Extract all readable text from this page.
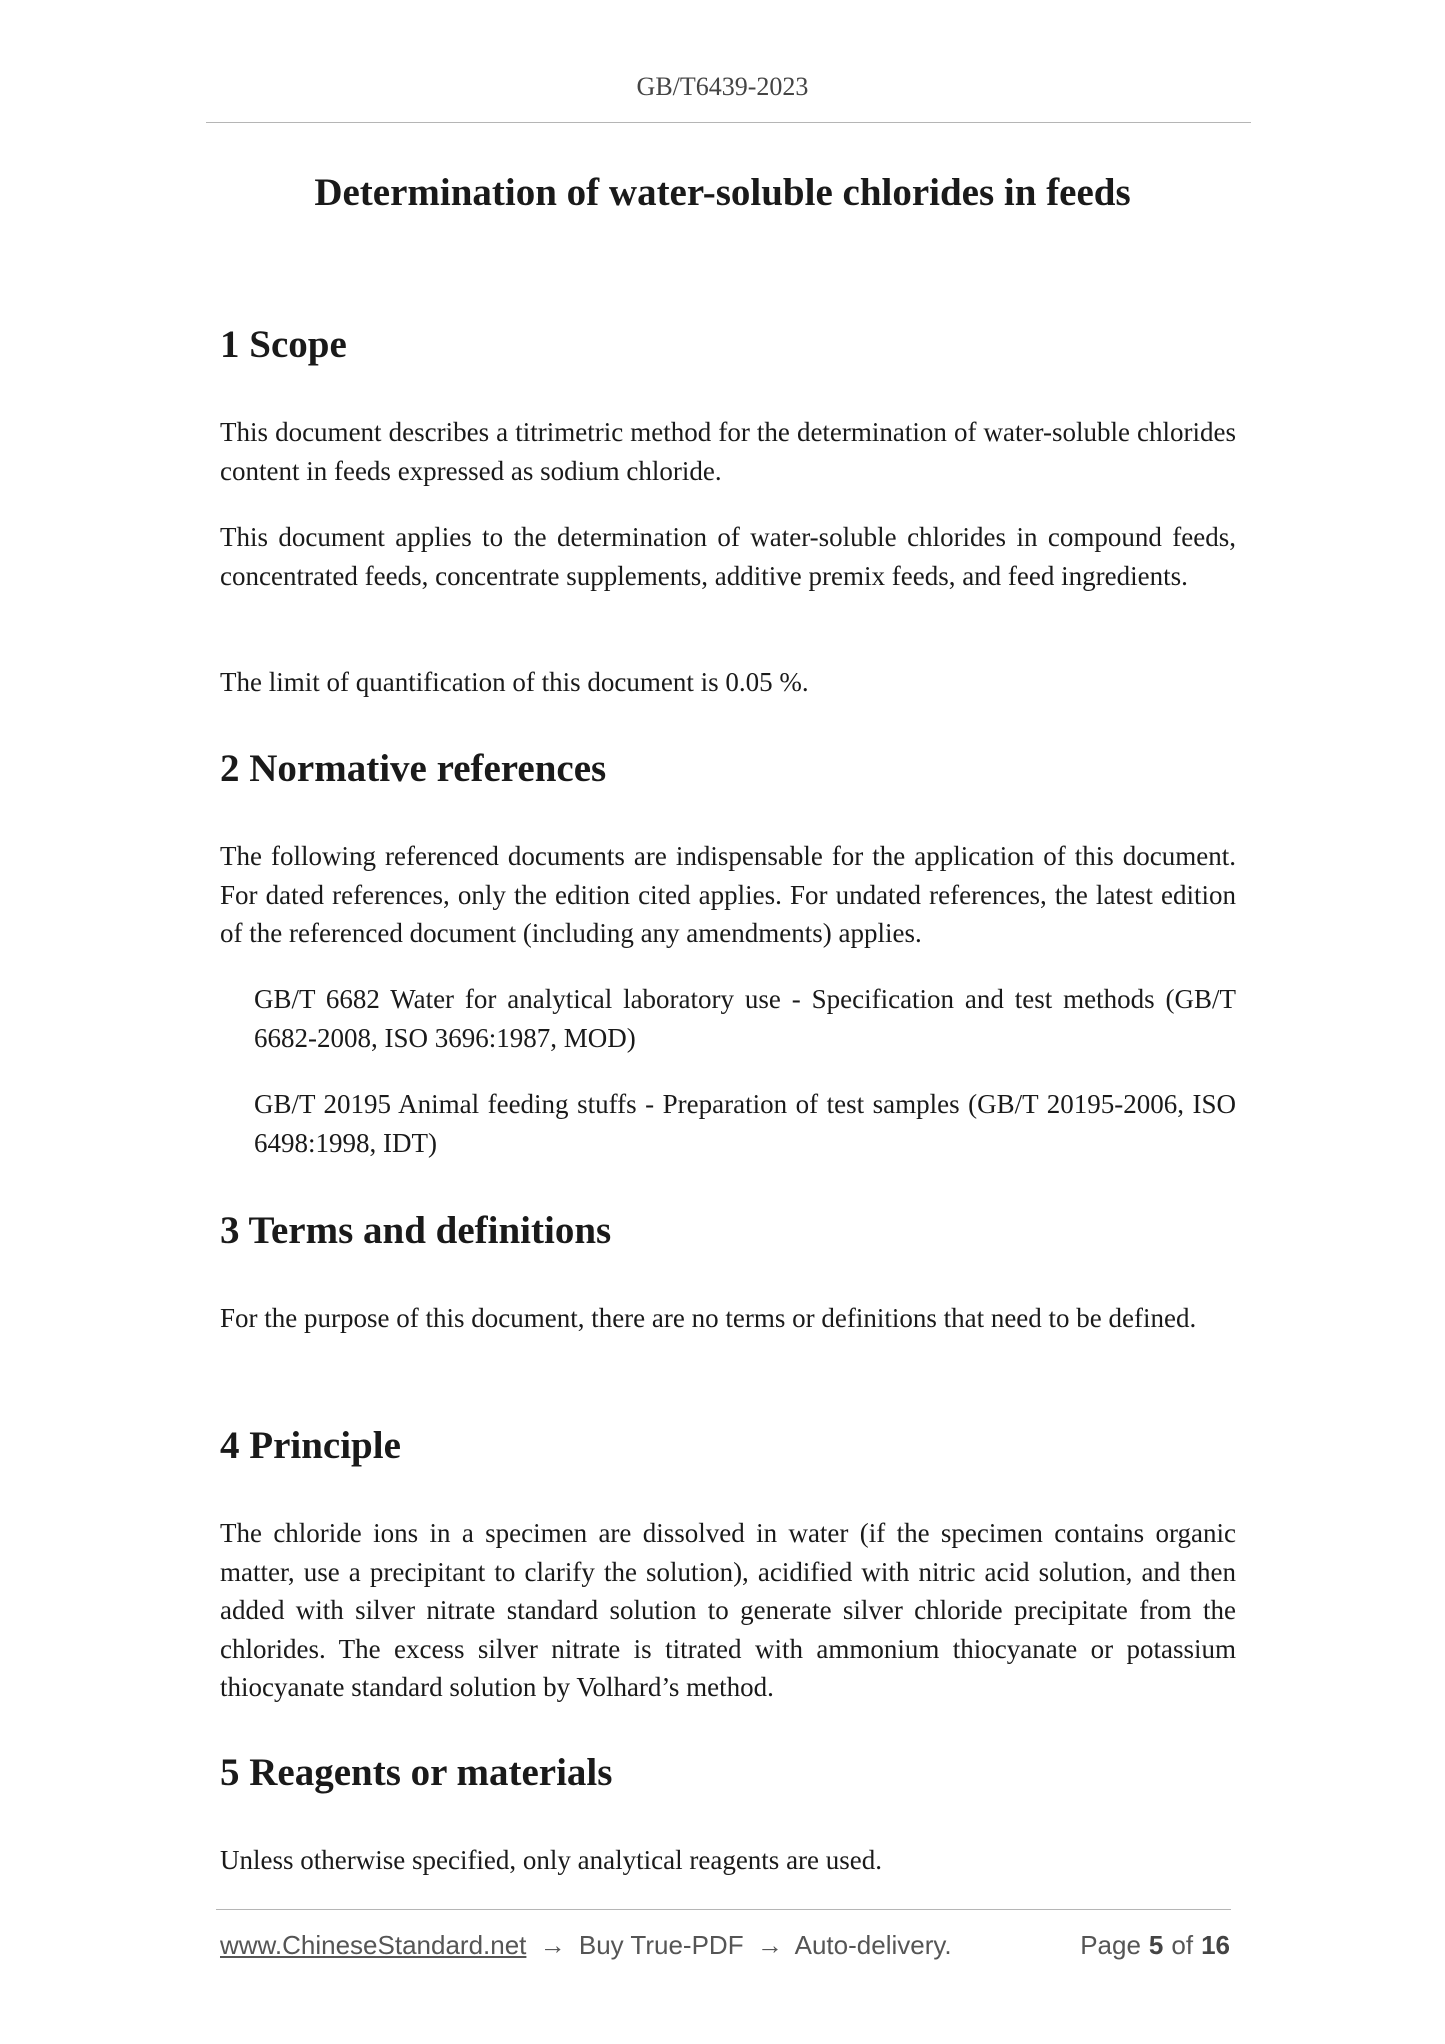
GB/T6439-2023
Determination of water-soluble chlorides in feeds
1 Scope

This document describes a titrimetric method for the determination of water-soluble chlorides content in feeds expressed as sodium chloride.

This document applies to the determination of water-soluble chlorides in compound feeds, concentrated feeds, concentrate supplements, additive premix feeds, and feed ingredients.

The limit of quantification of this document is 0.05 %.

2 Normative references

The following referenced documents are indispensable for the application of this document. For dated references, only the edition cited applies. For undated references, the latest edition of the referenced document (including any amendments) applies.

GB/T 6682 Water for analytical laboratory use - Specification and test methods (GB/T 6682-2008, ISO 3696:1987, MOD)

GB/T 20195 Animal feeding stuffs - Preparation of test samples (GB/T 20195-2006, ISO 6498:1998, IDT)

3 Terms and definitions

For the purpose of this document, there are no terms or definitions that need to be defined.

4 Principle

The chloride ions in a specimen are dissolved in water (if the specimen contains organic matter, use a precipitant to clarify the solution), acidified with nitric acid solution, and then added with silver nitrate standard solution to generate silver chloride precipitate from the chlorides. The excess silver nitrate is titrated with ammonium thiocyanate or potassium thiocyanate standard solution by Volhard’s method.

5 Reagents or materials

Unless otherwise specified, only analytical reagents are used.

www.ChineseStandard.net → Buy True-PDF → Auto-delivery.	Page 5 of 16
